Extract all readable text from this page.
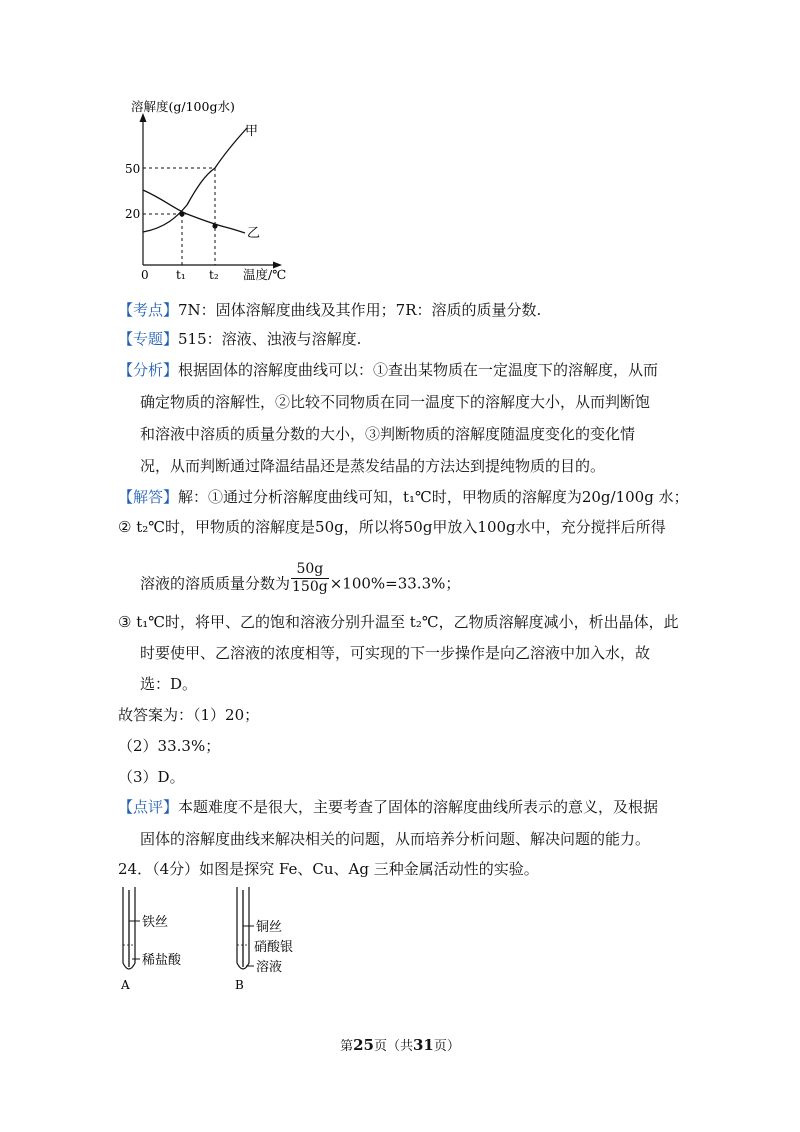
溶解度(g/100g水)
50
20
0 t₁ t₂ 温度/℃
甲
乙
【考点】7N：固体溶解度曲线及其作用；7R：溶质的质量分数.
【专题】515：溶液、浊液与溶解度.
【分析】根据固体的溶解度曲线可以：①查出某物质在一定温度下的溶解度，从而
确定物质的溶解性，②比较不同物质在同一温度下的溶解度大小，从而判断饱
和溶液中溶质的质量分数的大小，③判断物质的溶解度随温度变化的变化情
况，从而判断通过降温结晶还是蒸发结晶的方法达到提纯物质的目的。
【解答】解：①通过分析溶解度曲线可知，t₁℃时，甲物质的溶解度为20g/100g 水；
② t₂℃时，甲物质的溶解度是50g，所以将50g甲放入100g水中，充分搅拌后所得
溶液的溶质质量分数为 $\frac{50g}{150g} \times 100\%=33.3\%$；
③ t₁℃时，将甲、乙的饱和溶液分别升温至 t₂℃，乙物质溶解度减小，析出晶体，此
时要使甲、乙溶液的浓度相等，可实现的下一步操作是向乙溶液中加入水，故
选：D。
故答案为：（1）20；
（2）33.3%；
（3）D。
【点评】本题难度不是很大，主要考查了固体的溶解度曲线所表示的意义，及根据
固体的溶解度曲线来解决相关的问题，从而培养分析问题、解决问题的能力。
24．（4分）如图是探究 Fe、Cu、Ag 三种金属活动性的实验。
铁丝
稀盐酸
A
铜丝
硝酸银
溶液
B
第25页（共31页）
